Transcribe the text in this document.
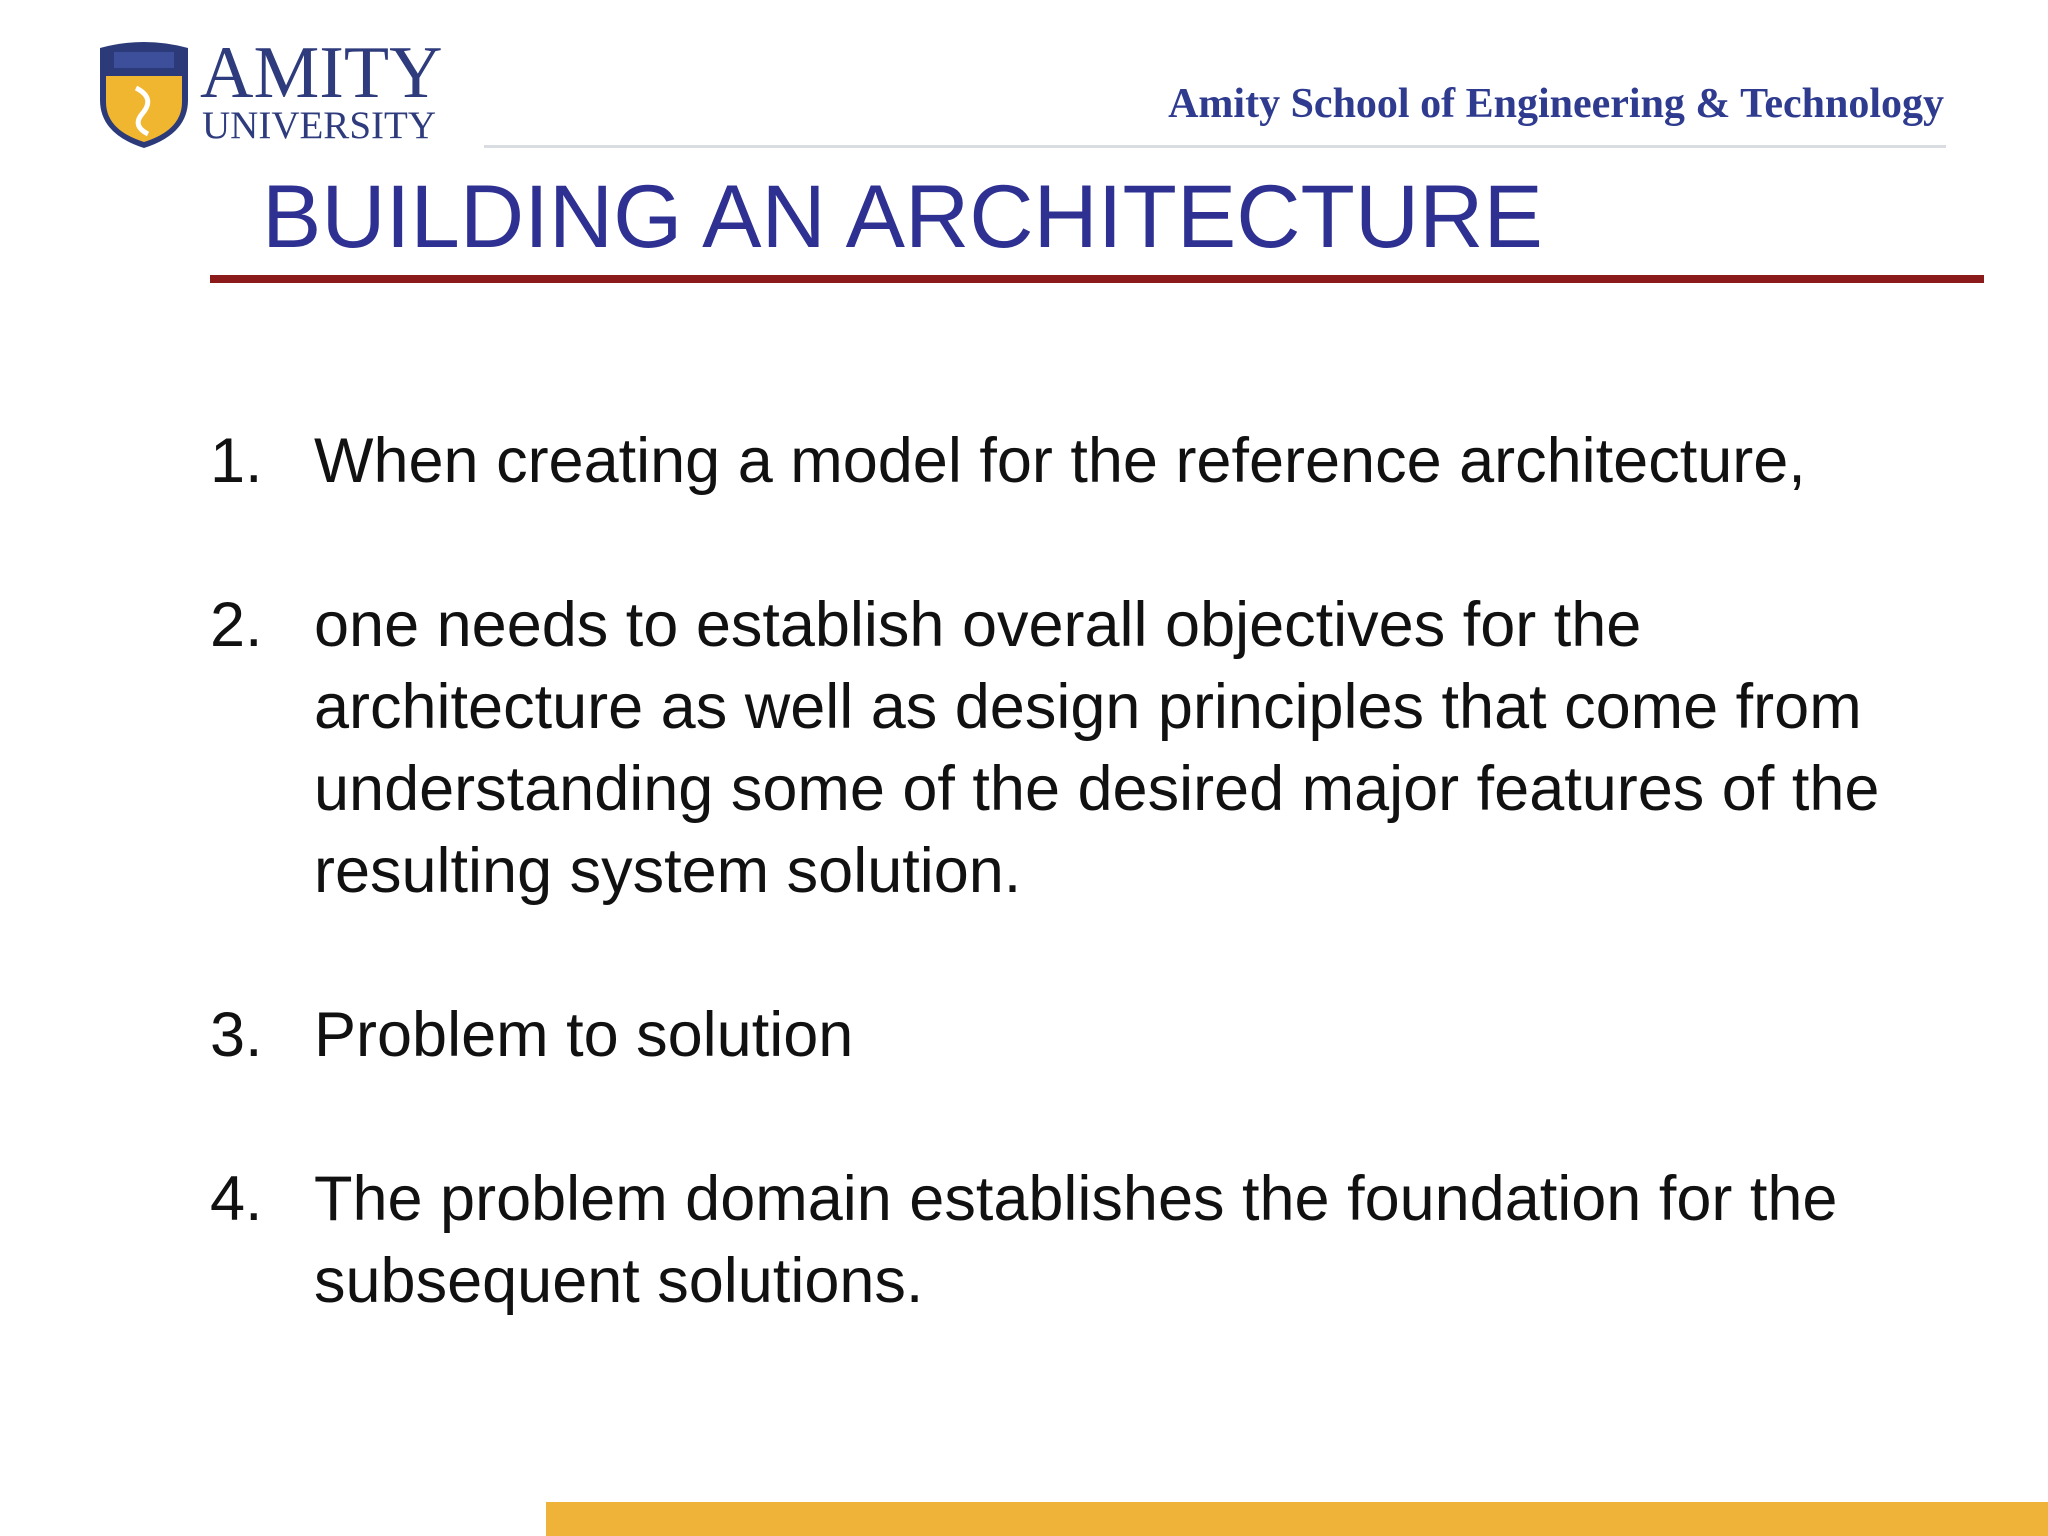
AMITY
UNIVERSITY	Amity School of Engineering & Technology
BUILDING AN ARCHITECTURE
1. When creating a model for the reference architecture,
2. one needs to establish overall objectives for the architecture as well as design principles that come from understanding some of the desired major features of the resulting system solution.
3. Problem to solution
4. The problem domain establishes the foundation for the subsequent solutions.
